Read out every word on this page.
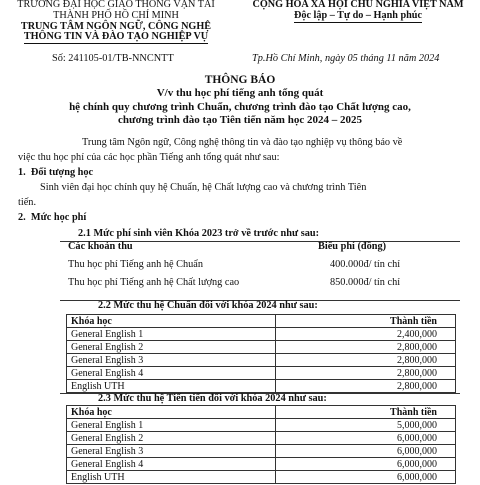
TRƯỜNG ĐẠI HỌC GIAO THÔNG VẬN TẢI
THÀNH PHỐ HỒ CHÍ MINH
TRUNG TÂM NGÔN NGỮ, CÔNG NGHỆ
THÔNG TIN VÀ ĐÀO TẠO NGHIỆP VỤ
CỘNG HÒA XÃ HỘI CHỦ NGHĨA VIỆT NAM
Độc lập – Tự do – Hạnh phúc
Số: 241105-01/TB-NNCNTT	Tp.Hồ Chí Minh, ngày 05 tháng 11 năm 2024
THÔNG BÁO
V/v thu học phí tiếng anh tổng quát
hệ chính quy chương trình Chuẩn, chương trình đào tạo Chất lượng cao,
chương trình đào tạo Tiên tiến năm học 2024 – 2025
Trung tâm Ngôn ngữ, Công nghệ thông tin và đào tạo nghiệp vụ thông báo về
việc thu học phí của các học phần Tiếng anh tổng quát như sau:
1. Đối tượng học
Sinh viên đại học chính quy hệ Chuẩn, hệ Chất lượng cao và chương trình Tiên
tiến.
2. Mức học phí
2.1 Mức phí sinh viên Khóa 2023 trở về trước như sau:
Các khoản thu	Biểu phí (đồng)
Thu học phí Tiếng anh hệ Chuẩn	400.000đ/ tín chỉ
Thu học phí Tiếng anh hệ Chất lượng cao	850.000đ/ tín chỉ
2.2 Mức thu hệ Chuẩn đối với khóa 2024 như sau:
Khóa học	Thành tiền
General English 1	2,400,000
General English 2	2,800,000
General English 3	2,800,000
General English 4	2,800,000
English UTH	2,800,000
2.3 Mức thu hệ Tiến tiến đối với khóa 2024 như sau:
Khóa học	Thành tiền
General English 1	5,000,000
General English 2	6,000,000
General English 3	6,000,000
General English 4	6,000,000
English UTH	6,000,000
